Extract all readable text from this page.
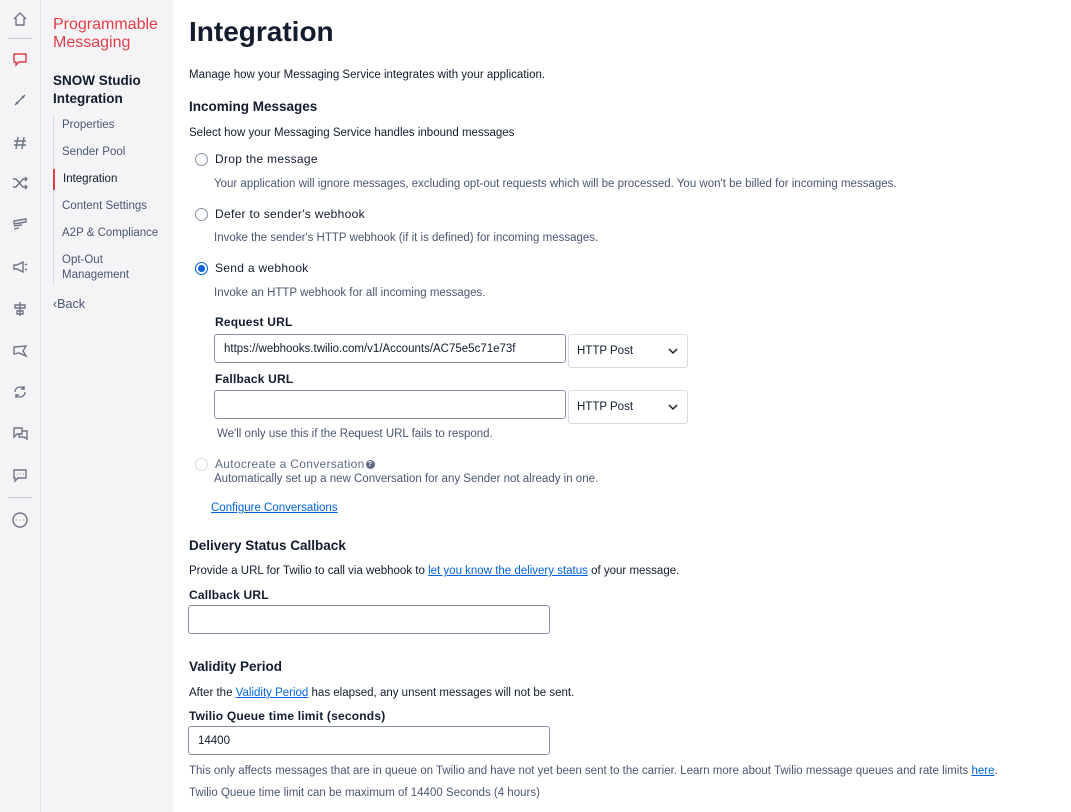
Programmable Messaging
SNOW Studio Integration
Properties
Sender Pool
Integration
Content Settings
A2P & Compliance
Opt-Out Management
‹Back
Integration
Manage how your Messaging Service integrates with your application.
Incoming Messages
Select how your Messaging Service handles inbound messages
Drop the message
Your application will ignore messages, excluding opt-out requests which will be processed. You won't be billed for incoming messages.
Defer to sender's webhook
Invoke the sender's HTTP webhook (if it is defined) for incoming messages.
Send a webhook
Invoke an HTTP webhook for all incoming messages.
Request URL
https://webhooks.twilio.com/v1/Accounts/AC75e5c71e73f	HTTP Post
Fallback URL
HTTP Post
We'll only use this if the Request URL fails to respond.
Autocreate a Conversation ?
Automatically set up a new Conversation for any Sender not already in one.
Configure Conversations
Delivery Status Callback
Provide a URL for Twilio to call via webhook to let you know the delivery status of your message.
Callback URL
Validity Period
After the Validity Period has elapsed, any unsent messages will not be sent.
Twilio Queue time limit (seconds)
14400
This only affects messages that are in queue on Twilio and have not yet been sent to the carrier. Learn more about Twilio message queues and rate limits here.
Twilio Queue time limit can be maximum of 14400 Seconds (4 hours)
